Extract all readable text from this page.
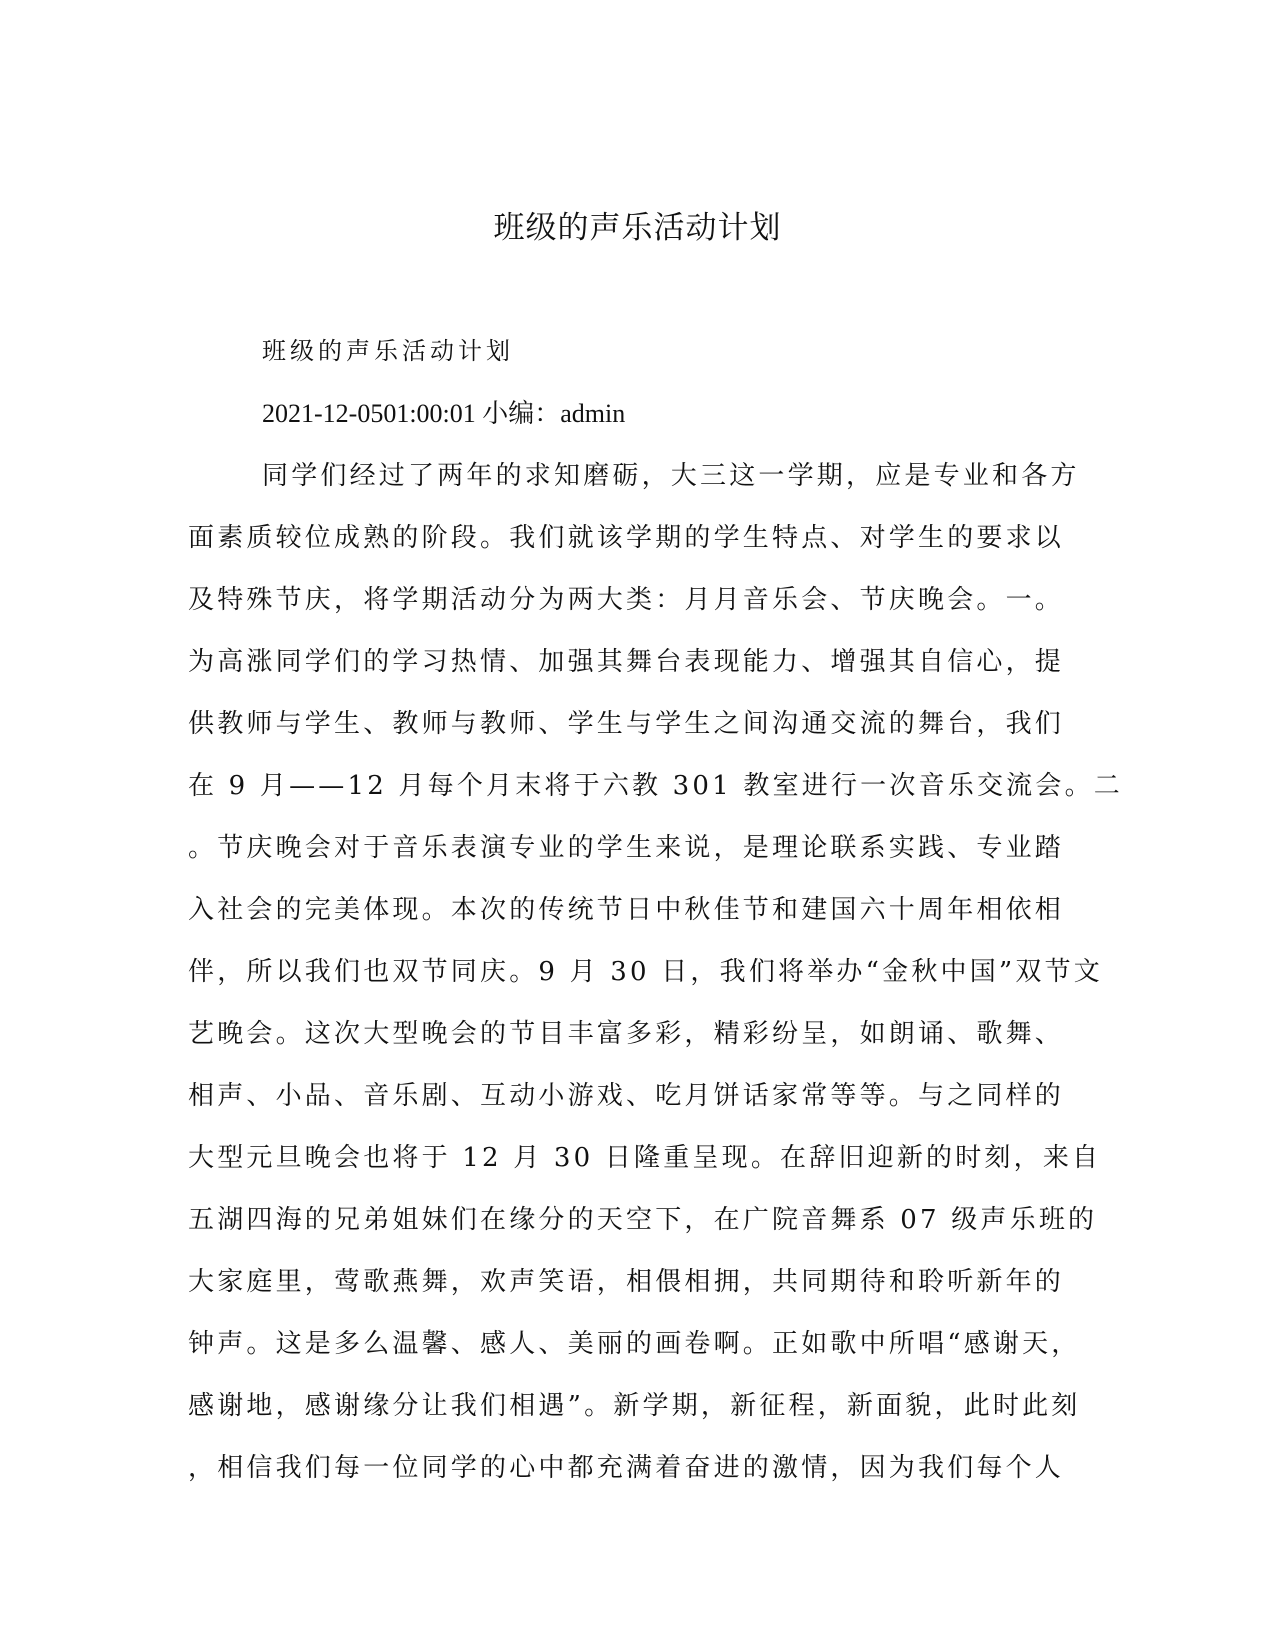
班级的声乐活动计划
班级的声乐活动计划
2021-12-0501:00:01 小编：admin
同学们经过了两年的求知磨砺，大三这一学期，应是专业和各方
面素质较位成熟的阶段。我们就该学期的学生特点、对学生的要求以
及特殊节庆，将学期活动分为两大类：月月音乐会、节庆晚会。一。
为高涨同学们的学习热情、加强其舞台表现能力、增强其自信心，提
供教师与学生、教师与教师、学生与学生之间沟通交流的舞台，我们
在 9 月——12 月每个月末将于六教 301 教室进行一次音乐交流会。二
。节庆晚会对于音乐表演专业的学生来说，是理论联系实践、专业踏
入社会的完美体现。本次的传统节日中秋佳节和建国六十周年相依相
伴，所以我们也双节同庆。9 月 30 日，我们将举办“金秋中国”双节文
艺晚会。这次大型晚会的节目丰富多彩，精彩纷呈，如朗诵、歌舞、
相声、小品、音乐剧、互动小游戏、吃月饼话家常等等。与之同样的
大型元旦晚会也将于 12 月 30 日隆重呈现。在辞旧迎新的时刻，来自
五湖四海的兄弟姐妹们在缘分的天空下，在广院音舞系 07 级声乐班的
大家庭里，莺歌燕舞，欢声笑语，相偎相拥，共同期待和聆听新年的
钟声。这是多么温馨、感人、美丽的画卷啊。正如歌中所唱“感谢天，
感谢地，感谢缘分让我们相遇”。新学期，新征程，新面貌，此时此刻
，相信我们每一位同学的心中都充满着奋进的激情，因为我们每个人
